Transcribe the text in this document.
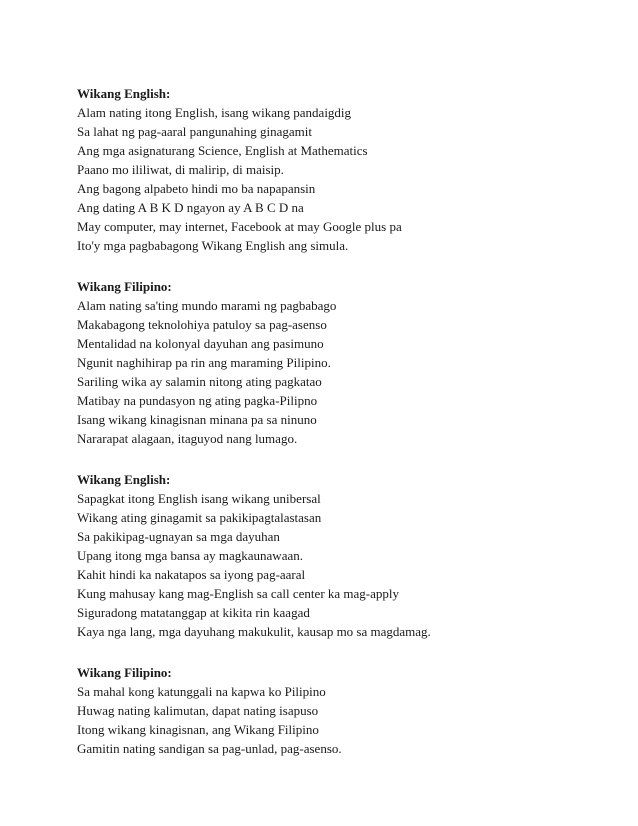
Wikang English:
Alam nating itong English, isang wikang pandaigdig
Sa lahat ng pag-aaral pangunahing ginagamit
Ang mga asignaturang Science, English at Mathematics
Paano mo ililiwat, di malirip, di maisip.
Ang bagong alpabeto hindi mo ba napapansin
Ang dating A B K D ngayon ay A B C D na
May computer, may internet, Facebook at may Google plus pa
Ito'y mga pagbabagong Wikang English ang simula.
Wikang Filipino:
Alam nating sa'ting mundo marami ng pagbabago
Makabagong teknolohiya patuloy sa pag-asenso
Mentalidad na kolonyal dayuhan ang pasimuno
Ngunit naghihirap pa rin ang maraming Pilipino.
Sariling wika ay salamin nitong ating pagkatao
Matibay na pundasyon ng ating pagka-Pilipno
Isang wikang kinagisnan minana pa sa ninuno
Nararapat alagaan, itaguyod nang lumago.
Wikang English:
Sapagkat itong English isang wikang unibersal
Wikang ating ginagamit sa pakikipagtalastasan
Sa pakikipag-ugnayan sa mga dayuhan
Upang itong mga bansa ay magkaunawaan.
Kahit hindi ka nakatapos sa iyong pag-aaral
Kung mahusay kang mag-English sa call center ka mag-apply
Siguradong matatanggap at kikita rin kaagad
Kaya nga lang, mga dayuhang makukulit, kausap mo sa magdamag.
Wikang Filipino:
Sa mahal kong katunggali na kapwa ko Pilipino
Huwag nating kalimutan, dapat nating isapuso
Itong wikang kinagisnan, ang Wikang Filipino
Gamitin nating sandigan sa pag-unlad, pag-asenso.
